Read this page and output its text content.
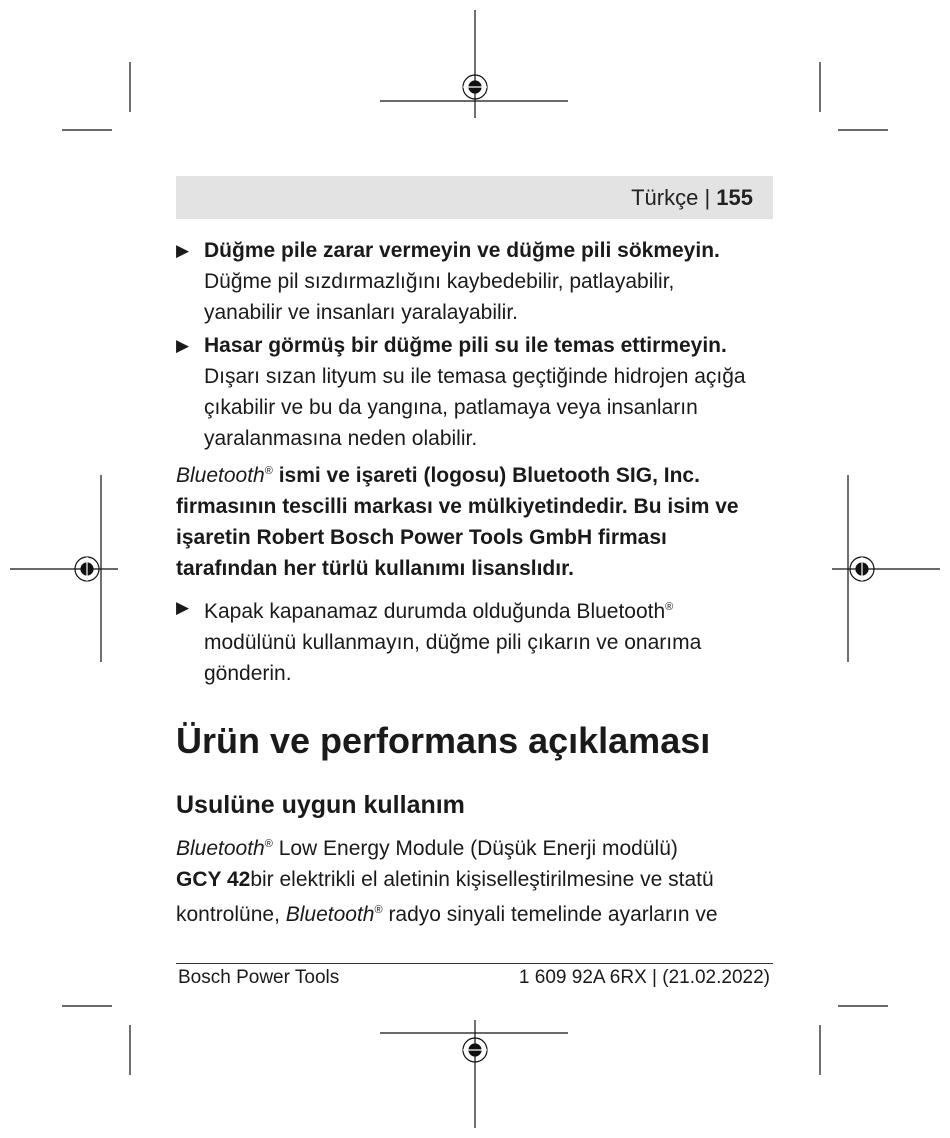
Türkçe | 155
▶ Düğme pile zarar vermeyin ve düğme pili sökmeyin.
Düğme pil sızdırmazlığını kaybedebilir, patlayabilir,
yanabilir ve insanları yaralayabilir.
▶ Hasar görmüş bir düğme pili su ile temas ettirmeyin.
Dışarı sızan lityum su ile temasa geçtiğinde hidrojen açığa
çıkabilir ve bu da yangına, patlamaya veya insanların
yaralanmasına neden olabilir.
Bluetooth® ismi ve işareti (logosu) Bluetooth SIG, Inc.
firmasının tescilli markası ve mülkiyetindedir. Bu isim ve
işaretin Robert Bosch Power Tools GmbH firması
tarafından her türlü kullanımı lisanslıdır.
▶ Kapak kapanamaz durumda olduğunda Bluetooth®
modülünü kullanmayın, düğme pili çıkarın ve onarıma
gönderin.
Ürün ve performans açıklaması
Usulüne uygun kullanım
Bluetooth® Low Energy Module (Düşük Enerji modülü)
GCY 42bir elektrikli el aletinin kişiselleştirilmesine ve statü
kontrolüne, Bluetooth® radyo sinyali temelinde ayarların ve
Bosch Power Tools	1 609 92A 6RX | (21.02.2022)
